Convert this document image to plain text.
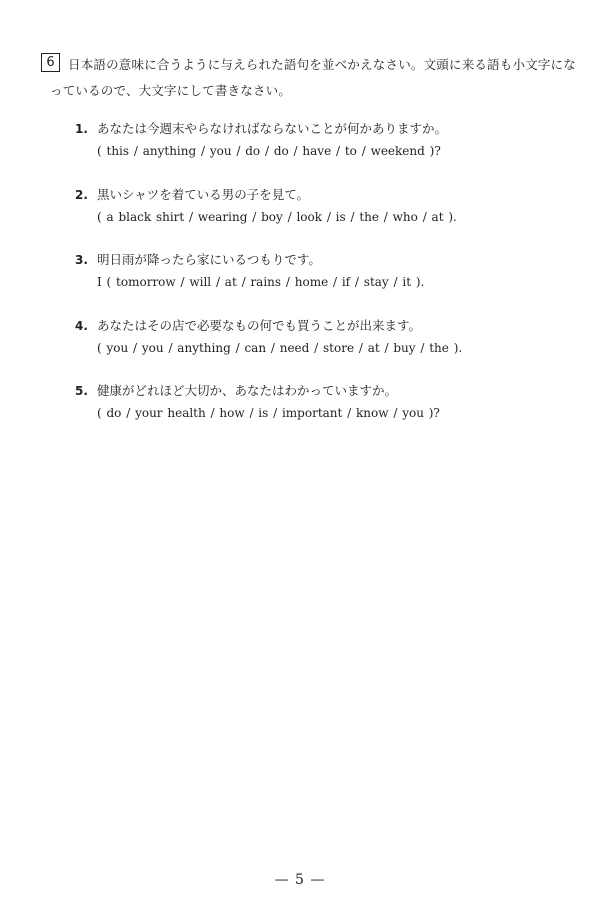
6	日本語の意味に合うように与えられた語句を並べかえなさい。文頭に来る語も小文字になっているので、大文字にして書きなさい。
1. あなたは今週末やらなければならないことが何かありますか。
( this / anything / you / do / do / have / to / weekend )?
2. 黒いシャツを着ている男の子を見て。
( a black shirt / wearing / boy / look / is / the / who / at ).
3. 明日雨が降ったら家にいるつもりです。
I ( tomorrow / will / at / rains / home / if / stay / it ).
4. あなたはその店で必要なもの何でも買うことが出来ます。
( you / you / anything / can / need / store / at / buy / the ).
5. 健康がどれほど大切か、あなたはわかっていますか。
( do / your health / how / is / important / know / you )?
— 5 —
